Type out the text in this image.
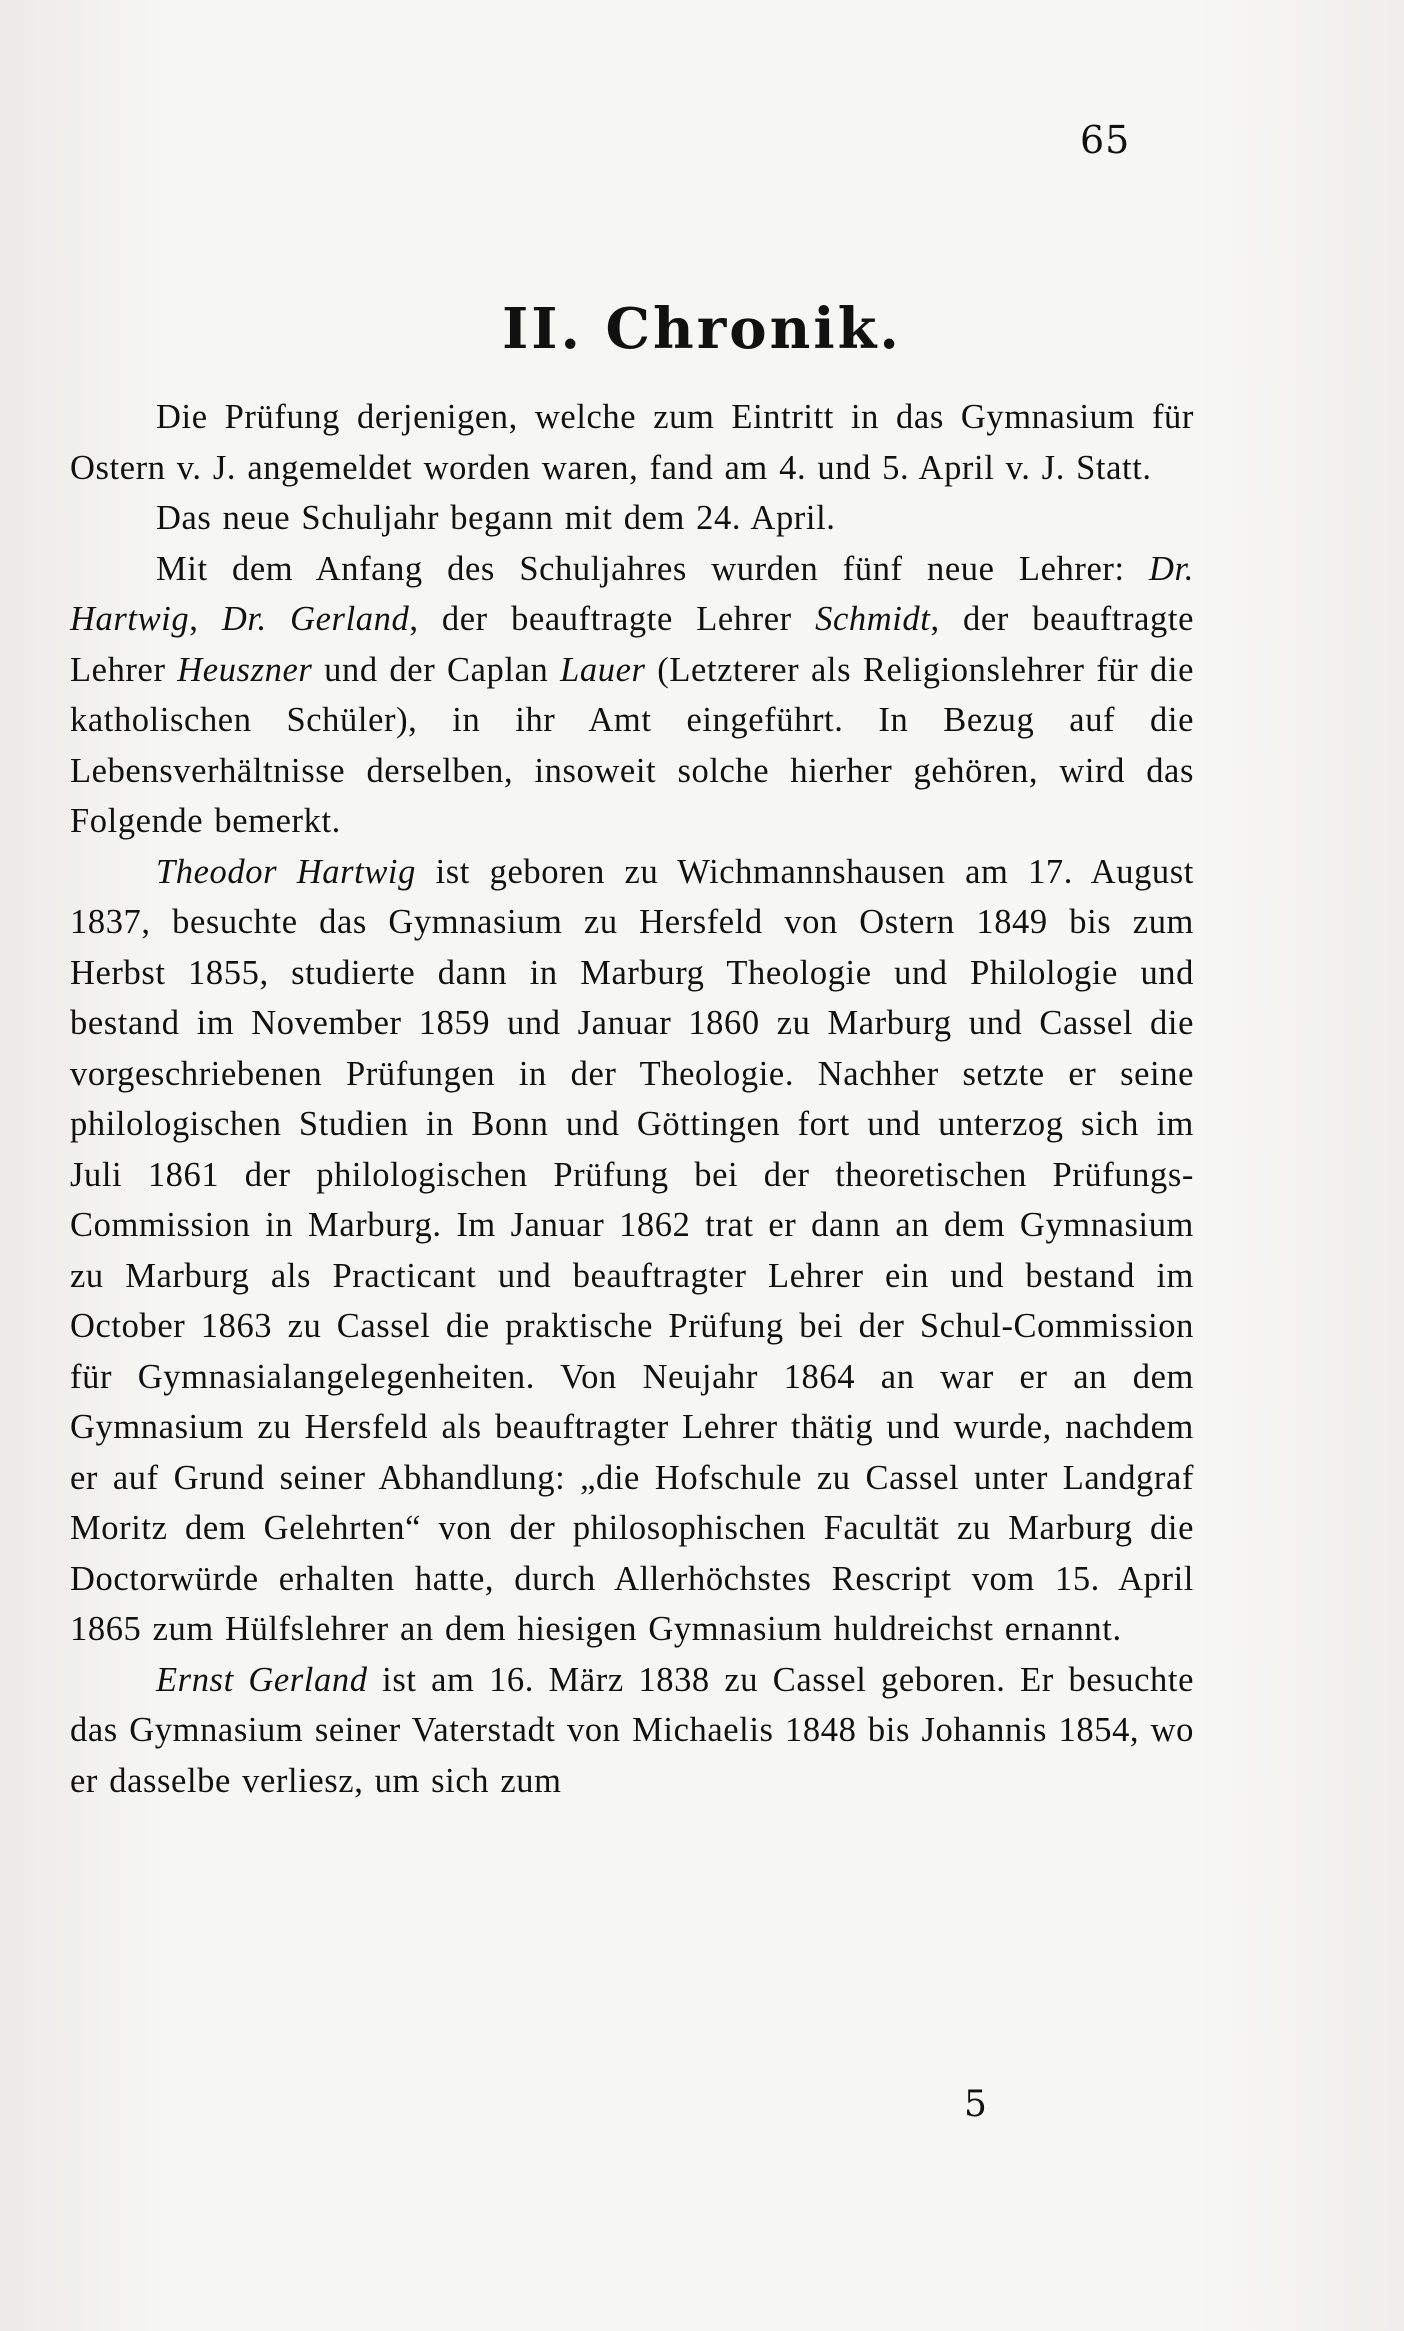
65
II. Chronik.

Die Prüfung derjenigen, welche zum Eintritt in das Gymnasium für Ostern v. J. angemeldet worden waren, fand am 4. und 5. April v. J. Statt.

Das neue Schuljahr begann mit dem 24. April.

Mit dem Anfang des Schuljahres wurden fünf neue Lehrer: Dr. Hartwig, Dr. Gerland, der beauftragte Lehrer Schmidt, der beauftragte Lehrer Heuszner und der Caplan Lauer (Letzterer als Religionslehrer für die katholischen Schüler), in ihr Amt eingeführt. In Bezug auf die Lebensverhältnisse derselben, insoweit solche hierher gehören, wird das Folgende bemerkt.

Theodor Hartwig ist geboren zu Wichmannshausen am 17. August 1837, besuchte das Gymnasium zu Hersfeld von Ostern 1849 bis zum Herbst 1855, studierte dann in Marburg Theologie und Philologie und bestand im November 1859 und Januar 1860 zu Marburg und Cassel die vorgeschriebenen Prüfungen in der Theologie. Nachher setzte er seine philologischen Studien in Bonn und Göttingen fort und unterzog sich im Juli 1861 der philologischen Prüfung bei der theoretischen Prüfungs-Commission in Marburg. Im Januar 1862 trat er dann an dem Gymnasium zu Marburg als Practicant und beauftragter Lehrer ein und bestand im October 1863 zu Cassel die praktische Prüfung bei der Schul-Commission für Gymnasialangelegenheiten. Von Neujahr 1864 an war er an dem Gymnasium zu Hersfeld als beauftragter Lehrer thätig und wurde, nachdem er auf Grund seiner Abhandlung: „die Hofschule zu Cassel unter Landgraf Moritz dem Gelehrten“ von der philosophischen Facultät zu Marburg die Doctorwürde erhalten hatte, durch Allerhöchstes Rescript vom 15. April 1865 zum Hülfslehrer an dem hiesigen Gymnasium huldreichst ernannt.

Ernst Gerland ist am 16. März 1838 zu Cassel geboren. Er besuchte das Gymnasium seiner Vaterstadt von Michaelis 1848 bis Johannis 1854, wo er dasselbe verliesz, um sich zum

5
